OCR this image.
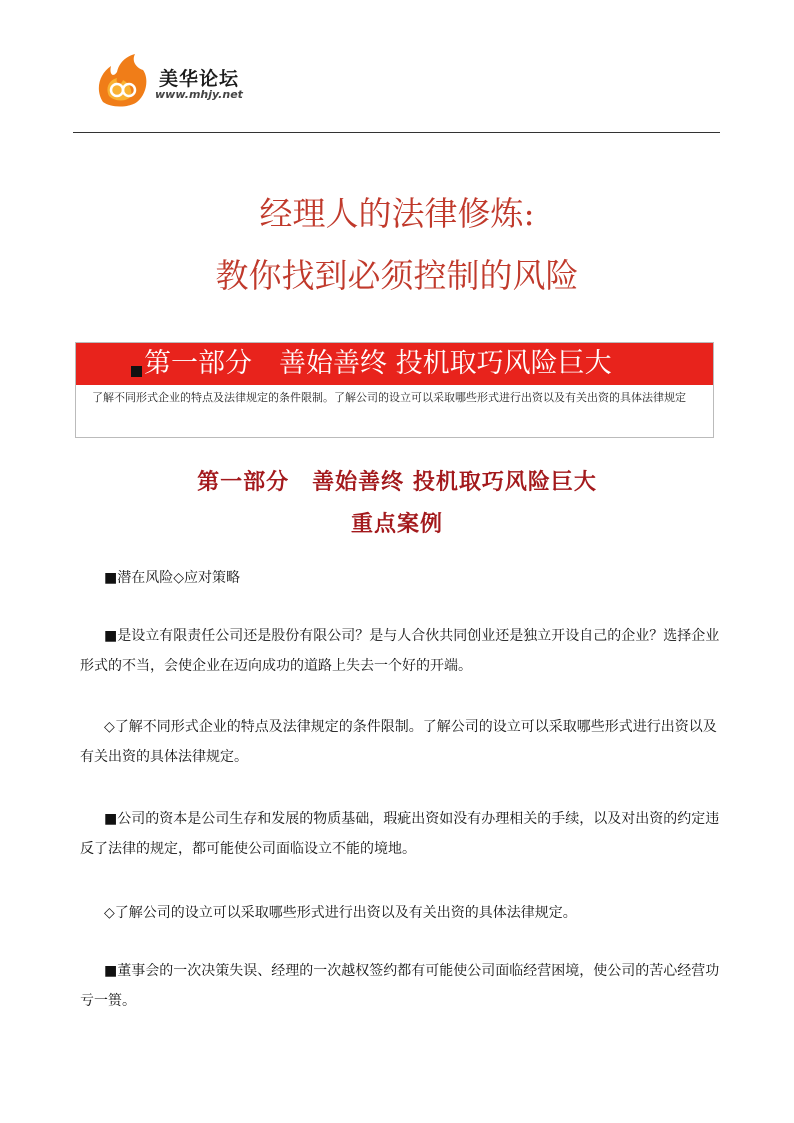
美华论坛
www.mhjy.net
经理人的法律修炼:
教你找到必须控制的风险
第一部分　善始善终 投机取巧风险巨大
了解不同形式企业的特点及法律规定的条件限制。了解公司的设立可以采取哪些形式进行出资以及有关出资的具体法律规定
第一部分　善始善终 投机取巧风险巨大
重点案例
■潜在风险◇应对策略
■是设立有限责任公司还是股份有限公司？是与人合伙共同创业还是独立开设自己的企业？选择企业形式的不当，会使企业在迈向成功的道路上失去一个好的开端。
◇了解不同形式企业的特点及法律规定的条件限制。了解公司的设立可以采取哪些形式进行出资以及有关出资的具体法律规定。
■公司的资本是公司生存和发展的物质基础，瑕疵出资如没有办理相关的手续，以及对出资的约定违反了法律的规定，都可能使公司面临设立不能的境地。
◇了解公司的设立可以采取哪些形式进行出资以及有关出资的具体法律规定。
■董事会的一次决策失误、经理的一次越权签约都有可能使公司面临经营困境，使公司的苦心经营功亏一篑。
